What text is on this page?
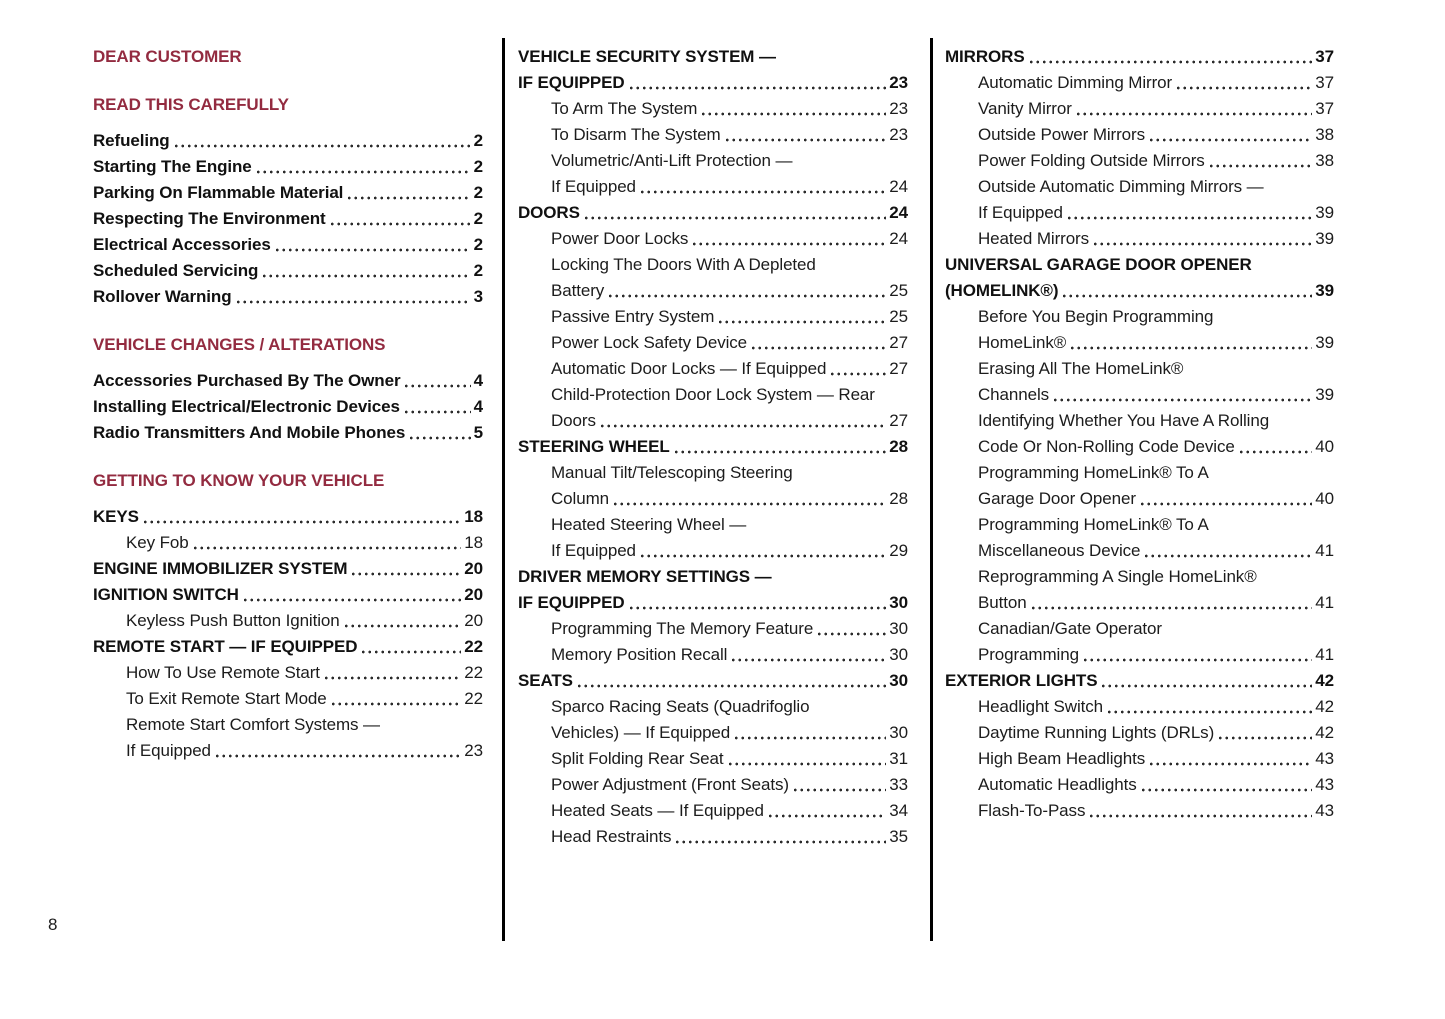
DEAR CUSTOMER
READ THIS CAREFULLY
Refueling	2
Starting The Engine	2
Parking On Flammable Material	2
Respecting The Environment	2
Electrical Accessories	2
Scheduled Servicing	2
Rollover Warning	3
VEHICLE CHANGES / ALTERATIONS
Accessories Purchased By The Owner	4
Installing Electrical/Electronic Devices	4
Radio Transmitters And Mobile Phones	5
GETTING TO KNOW YOUR VEHICLE
KEYS	18
Key Fob	18
ENGINE IMMOBILIZER SYSTEM	20
IGNITION SWITCH	20
Keyless Push Button Ignition	20
REMOTE START — IF EQUIPPED	22
How To Use Remote Start	22
To Exit Remote Start Mode	22
Remote Start Comfort Systems —
If Equipped	23
VEHICLE SECURITY SYSTEM —
IF EQUIPPED	23
To Arm The System	23
To Disarm The System	23
Volumetric/Anti-Lift Protection —
If Equipped	24
DOORS	24
Power Door Locks	24
Locking The Doors With A Depleted
Battery	25
Passive Entry System	25
Power Lock Safety Device	27
Automatic Door Locks — If Equipped	27
Child-Protection Door Lock System — Rear
Doors	27
STEERING WHEEL	28
Manual Tilt/Telescoping Steering
Column	28
Heated Steering Wheel —
If Equipped	29
DRIVER MEMORY SETTINGS —
IF EQUIPPED	30
Programming The Memory Feature	30
Memory Position Recall	30
SEATS	30
Sparco Racing Seats (Quadrifoglio
Vehicles) — If Equipped	30
Split Folding Rear Seat	31
Power Adjustment (Front Seats)	33
Heated Seats — If Equipped	34
Head Restraints	35
MIRRORS	37
Automatic Dimming Mirror	37
Vanity Mirror	37
Outside Power Mirrors	38
Power Folding Outside Mirrors	38
Outside Automatic Dimming Mirrors —
If Equipped	39
Heated Mirrors	39
UNIVERSAL GARAGE DOOR OPENER
(HOMELINK®)	39
Before You Begin Programming
HomeLink®	39
Erasing All The HomeLink®
Channels	39
Identifying Whether You Have A Rolling
Code Or Non-Rolling Code Device	40
Programming HomeLink® To A
Garage Door Opener	40
Programming HomeLink® To A
Miscellaneous Device	41
Reprogramming A Single HomeLink®
Button	41
Canadian/Gate Operator
Programming	41
EXTERIOR LIGHTS	42
Headlight Switch	42
Daytime Running Lights (DRLs)	42
High Beam Headlights	43
Automatic Headlights	43
Flash-To-Pass	43
8
